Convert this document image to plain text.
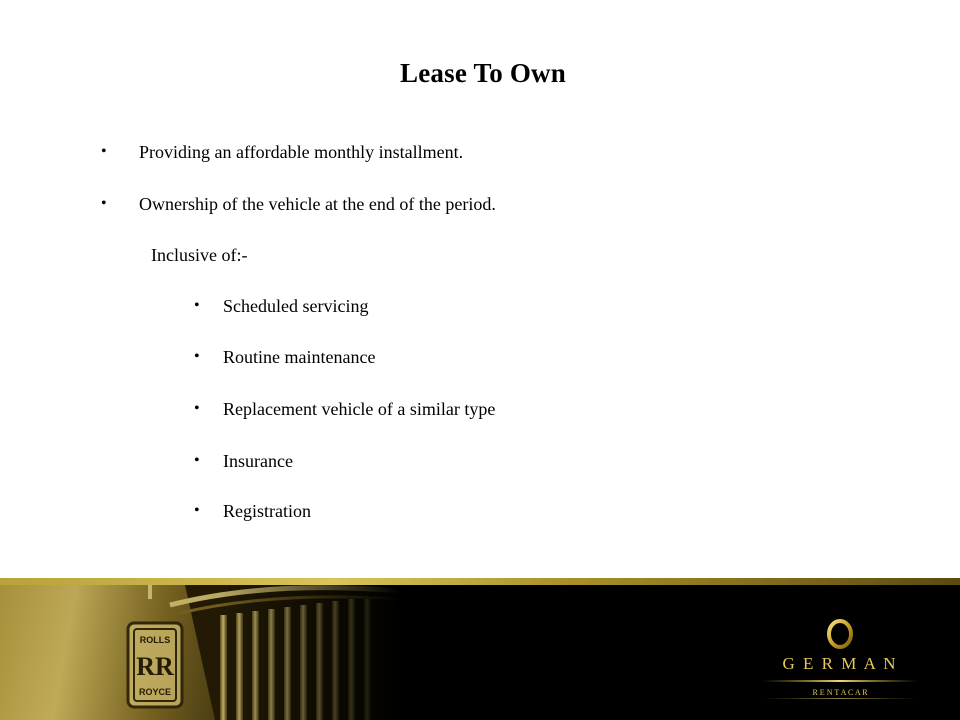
Lease To Own
• Providing an affordable monthly installment.
• Ownership of the vehicle at the end of the period.
Inclusive of:-
• Scheduled servicing
• Routine maintenance
• Replacement vehicle of a similar type
• Insurance
• Registration
G E R M A N
R E N T A C A R
